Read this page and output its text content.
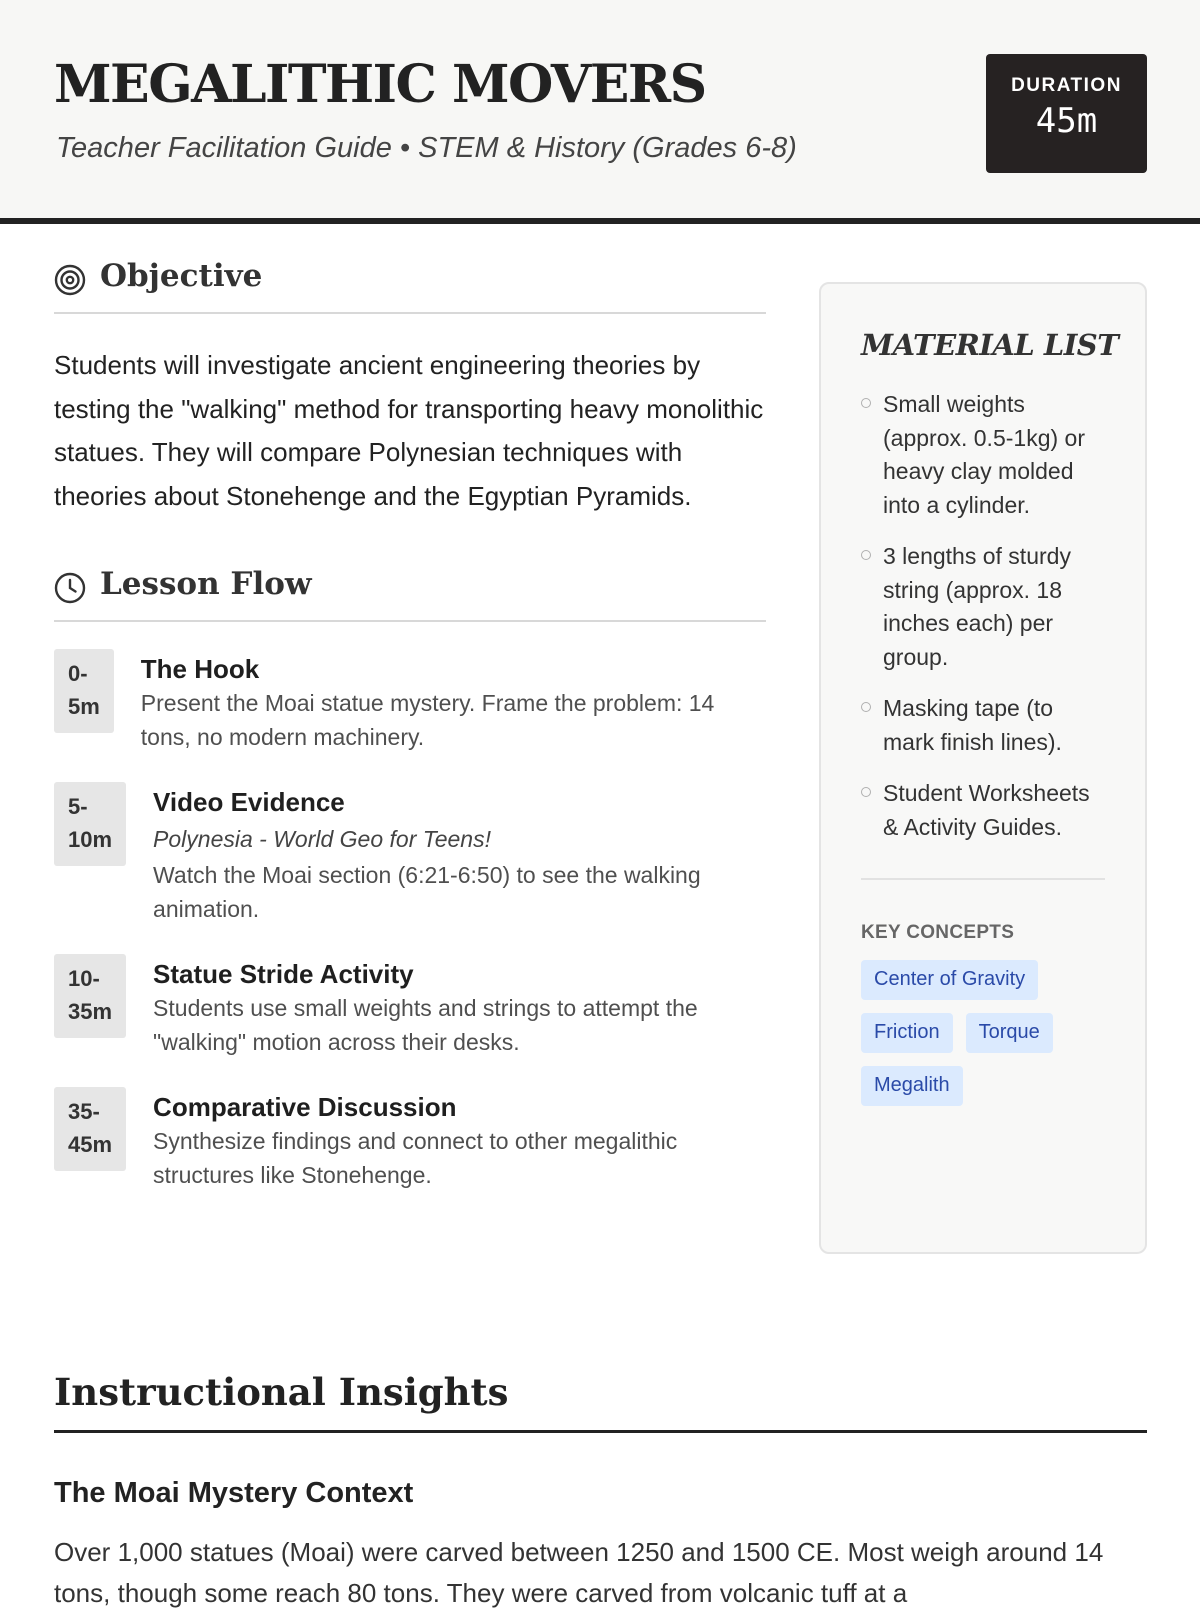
MEGALITHIC MOVERS
Teacher Facilitation Guide • STEM & History (Grades 6-8)
DURATION
45m
Objective

Students will investigate ancient engineering theories by testing the "walking" method for transporting heavy monolithic statues. They will compare Polynesian techniques with theories about Stonehenge and the Egyptian Pyramids.

Lesson Flow
0-
5m
The Hook
Present the Moai statue mystery. Frame the problem: 14 tons, no modern machinery.
5-
10m
Video Evidence
Polynesia - World Geo for Teens!
Watch the Moai section (6:21-6:50) to see the walking animation.
10-
35m
Statue Stride Activity
Students use small weights and strings to attempt the "walking" motion across their desks.
35-
45m
Comparative Discussion
Synthesize findings and connect to other megalithic structures like Stonehenge.
MATERIAL LIST
Small weights (approx. 0.5-1kg) or heavy clay molded into a cylinder.
3 lengths of sturdy string (approx. 18 inches each) per group.
Masking tape (to mark finish lines).
Student Worksheets & Activity Guides.
KEY CONCEPTS
Center of Gravity
Friction	Torque
Megalith
Instructional Insights
The Moai Mystery Context
Over 1,000 statues (Moai) were carved between 1250 and 1500 CE. Most weigh around 14 tons, though some reach 80 tons. They were carved from volcanic tuff at a
